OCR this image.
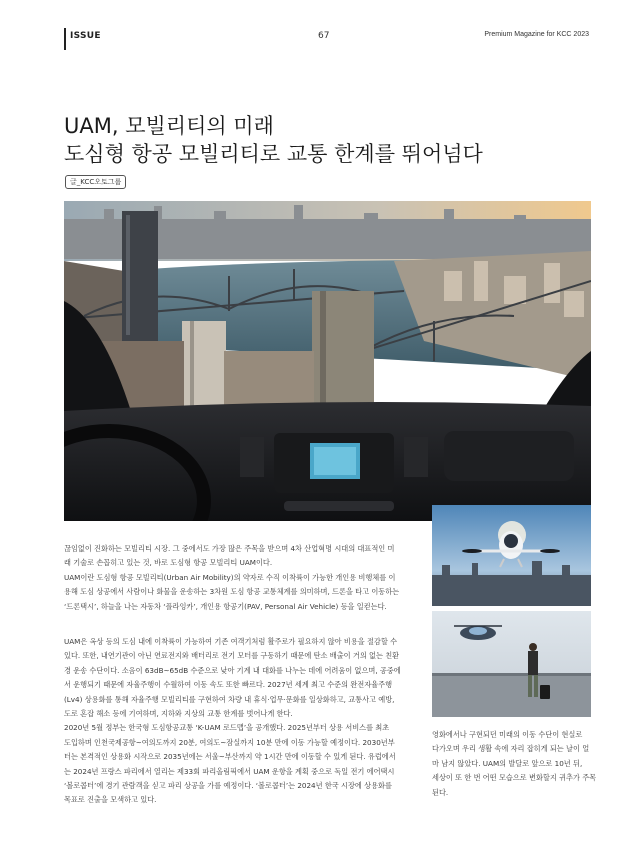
ISSUE	67	Premium Magazine for KCC 2023
UAM, 모빌리티의 미래
도심형 항공 모빌리티로 교통 한계를 뛰어넘다
글_KCC오토그룹

끊임없이 진화하는 모빌리티 시장. 그 중에서도 가장 많은 주목을 받으며 4차 산업혁명 시대의 대표적인 미

래 기술로 손꼽히고 있는 것, 바로 도심형 항공 모빌리티 UAM이다.

UAM이란 도심형 항공 모빌리티(Urban Air Mobility)의 약자로 수직 이착륙이 가능한 개인용 비행체를 이

용해 도심 상공에서 사람이나 화물을 운송하는 3차원 도심 항공 교통체계를 의미하며, 드론을 타고 이동하는

‘드론택시’, 하늘을 나는 자동차 ‘플라잉카’, 개인용 항공기(PAV, Personal Air Vehicle) 등을 일컫는다.

UAM은 옥상 등의 도심 내에 이착륙이 가능하여 기존 여객기처럼 활주로가 필요하지 않아 비용을 절감할 수

있다. 또한, 내연기관이 아닌 연료전지와 배터리로 전기 모터를 구동하기 때문에 탄소 배출이 거의 없는 친환

경 운송 수단이다. 소음이 63dB~65dB 수준으로 낮아 기계 내 대화를 나누는 데에 어려움이 없으며, 공중에

서 운행되기 때문에 자율주행이 수월하여 이동 속도 또한 빠르다. 2027년 세계 최고 수준의 완전자율주행

(Lv4) 상용화를 통해 자율주행 모빌리티를 구현하여 차량 내 휴식·업무·문화를 일상화하고, 교통사고 예방,

도로 혼잡 해소 등에 기여하며, 지하와 지상의 교통 한계를 벗어나게 한다.

2020년 5월 정부는 한국형 도심항공교통 ‘K-UAM 로드맵’을 공개했다. 2025년부터 상용 서비스를 최초

도입하며 인천국제공항~여의도까지 20분, 여의도~잠실까지 10분 만에 이동 가능할 예정이다. 2030년부

터는 본격적인 상용화 시작으로 2035년에는 서울~부산까지 약 1시간 만에 이동할 수 있게 된다. 유럽에서

는 2024년 프랑스 파리에서 열리는 제33회 파리올림픽에서 UAM 운항을 계획 중으로 독일 전기 에어택시

‘볼로콥터’에 경기 관람객을 싣고 파리 상공을 가를 예정이다. ‘볼로콥터’는 2024년 한국 시장에 상용화를

목표로 진출을 모색하고 있다.

영화에서나 구현되던 미래의 이동 수단이 현실로

다가오며 우리 생활 속에 자리 잡히게 되는 날이 얼

마 남지 않았다. UAM의 발달로 앞으로 10년 뒤,

세상이 또 한 번 어떤 모습으로 변화할지 귀추가 주목

된다.
